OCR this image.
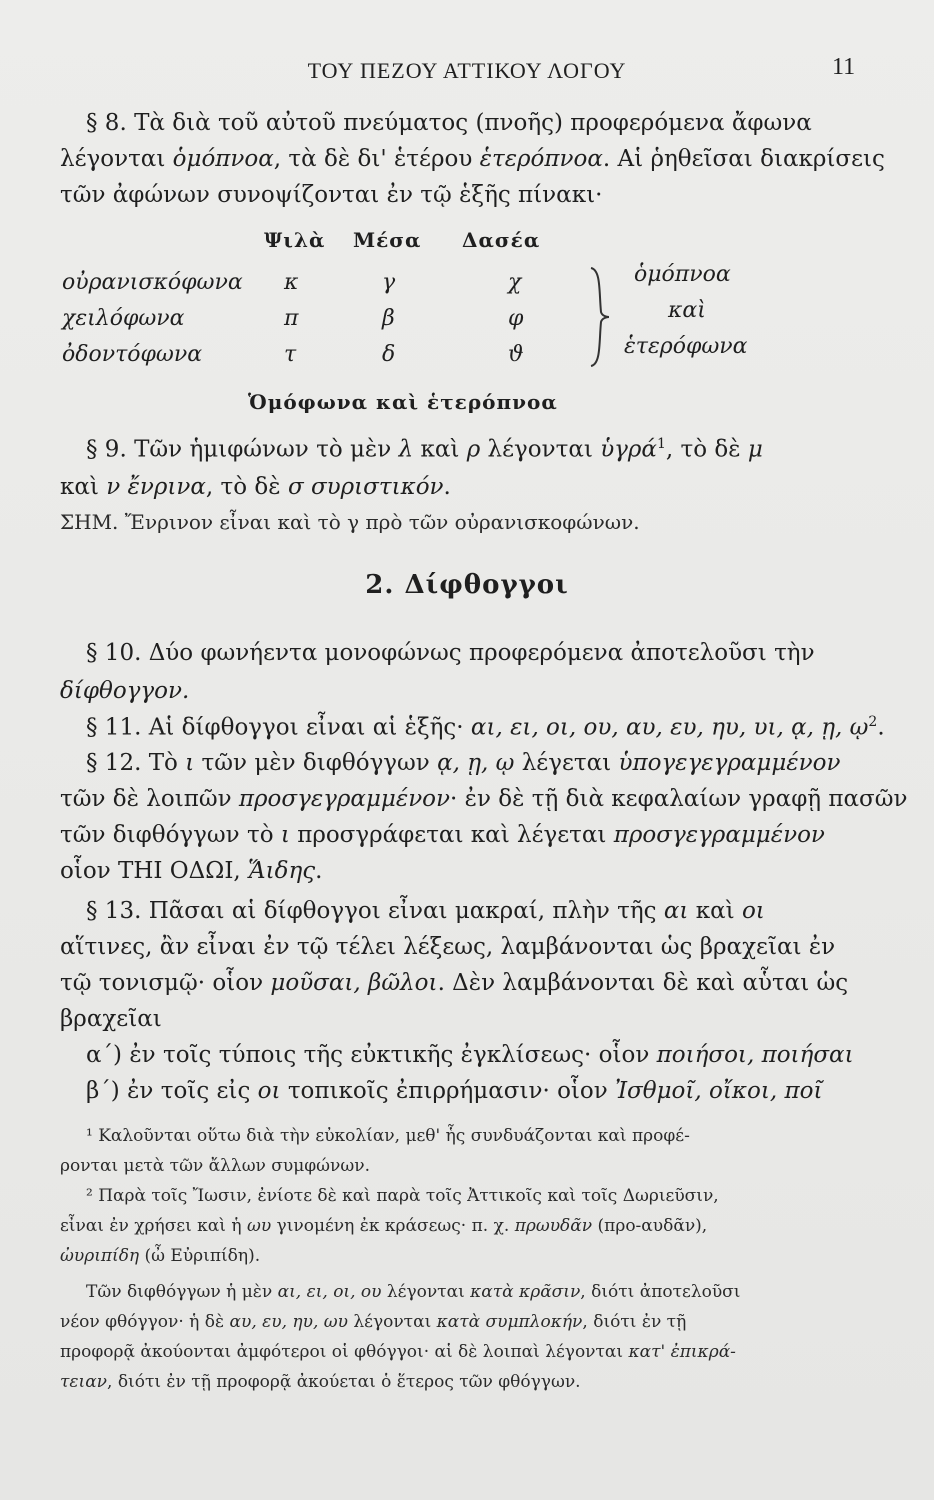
ΤΟΥ ΠΕΖΟΥ ΑΤΤΙΚΟΥ ΛΟΓΟΥ	11
§ 8. Τὰ διὰ τοῦ αὐτοῦ πνεύματος (πνοῆς) προφερόμενα ἄφωνα
λέγονται ὁμόπνοα, τὰ δὲ δι' ἑτέρου ἑτερόπνοα. Αἱ ῥηθεῖσαι διακρίσεις
τῶν ἀφώνων συνοψίζονται ἐν τῷ ἑξῆς πίνακι·
Ψιλὰ Μέσα Δασέα
οὐρανισκόφωνα κ	γ	χ
χειλόφωνα	π	β	φ
ὀδοντόφωνα	τ	δ	ϑ
ὁμόπνοα
καὶ
ἑτερόφωνα
Ὁμόφωνα καὶ ἑτερόπνοα
§ 9. Τῶν ἡμιφώνων τὸ μὲν λ καὶ ρ λέγονται ὑγρά$^1$, τὸ δὲ μ
καὶ ν ἔνρινα, τὸ δὲ σ συριστικόν.
ΣΗΜ. Ἔνρινον εἶναι καὶ τὸ γ πρὸ τῶν οὐρανισκοφώνων.
2. Δίφθογγοι
§ 10. Δύο φωνήεντα μονοφώνως προφερόμενα ἀποτελοῦσι τὴν
δίφθογγον.
§ 11. Αἱ δίφθογγοι εἶναι αἱ ἑξῆς· αι, ει, οι, ου, αυ, ευ, ηυ, υι, ᾳ, ῃ, ῳ$^2$.
§ 12. Τὸ ι τῶν μὲν διφθόγγων ᾳ, ῃ, ῳ λέγεται ὑπογεγεγραμμένον
τῶν δὲ λοιπῶν προσγεγραμμένον· ἐν δὲ τῇ διὰ κεφαλαίων γραφῇ πασῶν
τῶν διφθόγγων τὸ ι προσγράφεται καὶ λέγεται προσγεγραμμένον
οἷον ΤΗΙ ΟΔΩΙ, Ἅιδης.
§ 13. Πᾶσαι αἱ δίφθογγοι εἶναι μακραί, πλὴν τῆς αι καὶ οι
αἵτινες, ἂν εἶναι ἐν τῷ τέλει λέξεως, λαμβάνονται ὡς βραχεῖαι ἐν
τῷ τονισμῷ· οἷον μοῦσαι, βῶλοι. Δὲν λαμβάνονται δὲ καὶ αὗται ὡς
βραχεῖαι
α´) ἐν τοῖς τύποις τῆς εὐκτικῆς ἐγκλίσεως· οἷον ποιήσοι, ποιήσαι
β´) ἐν τοῖς εἰς οι τοπικοῖς ἐπιρρήμασιν· οἷον Ἰσθμοῖ, οἴκοι, ποῖ
¹ Καλοῦνται οὕτω διὰ τὴν εὐκολίαν, μεθ' ἧς συνδυάζονται καὶ προφέ-
ρονται μετὰ τῶν ἄλλων συμφώνων.
² Παρὰ τοῖς Ἴωσιν, ἐνίοτε δὲ καὶ παρὰ τοῖς Ἀττικοῖς καὶ τοῖς Δωριεῦσιν,
εἶναι ἐν χρήσει καὶ ἡ ωυ γινομένη ἐκ κράσεως· π. χ. πρωυδᾶν (προ-αυδᾶν),
ὠυριπίδη (ὦ Εὐριπίδη).
Τῶν διφθόγγων ἡ μὲν αι, ει, οι, ου λέγονται κατὰ κρᾶσιν, διότι ἀποτελοῦσι
νέον φθόγγον· ἡ δὲ αυ, ευ, ηυ, ωυ λέγονται κατὰ συμπλοκήν, διότι ἐν τῇ
προφορᾷ ἀκούονται ἀμφότεροι οἱ φθόγγοι· αἱ δὲ λοιπαὶ λέγονται κατ' ἐπικρά-
τειαν, διότι ἐν τῇ προφορᾷ ἀκούεται ὁ ἕτερος τῶν φθόγγων.
